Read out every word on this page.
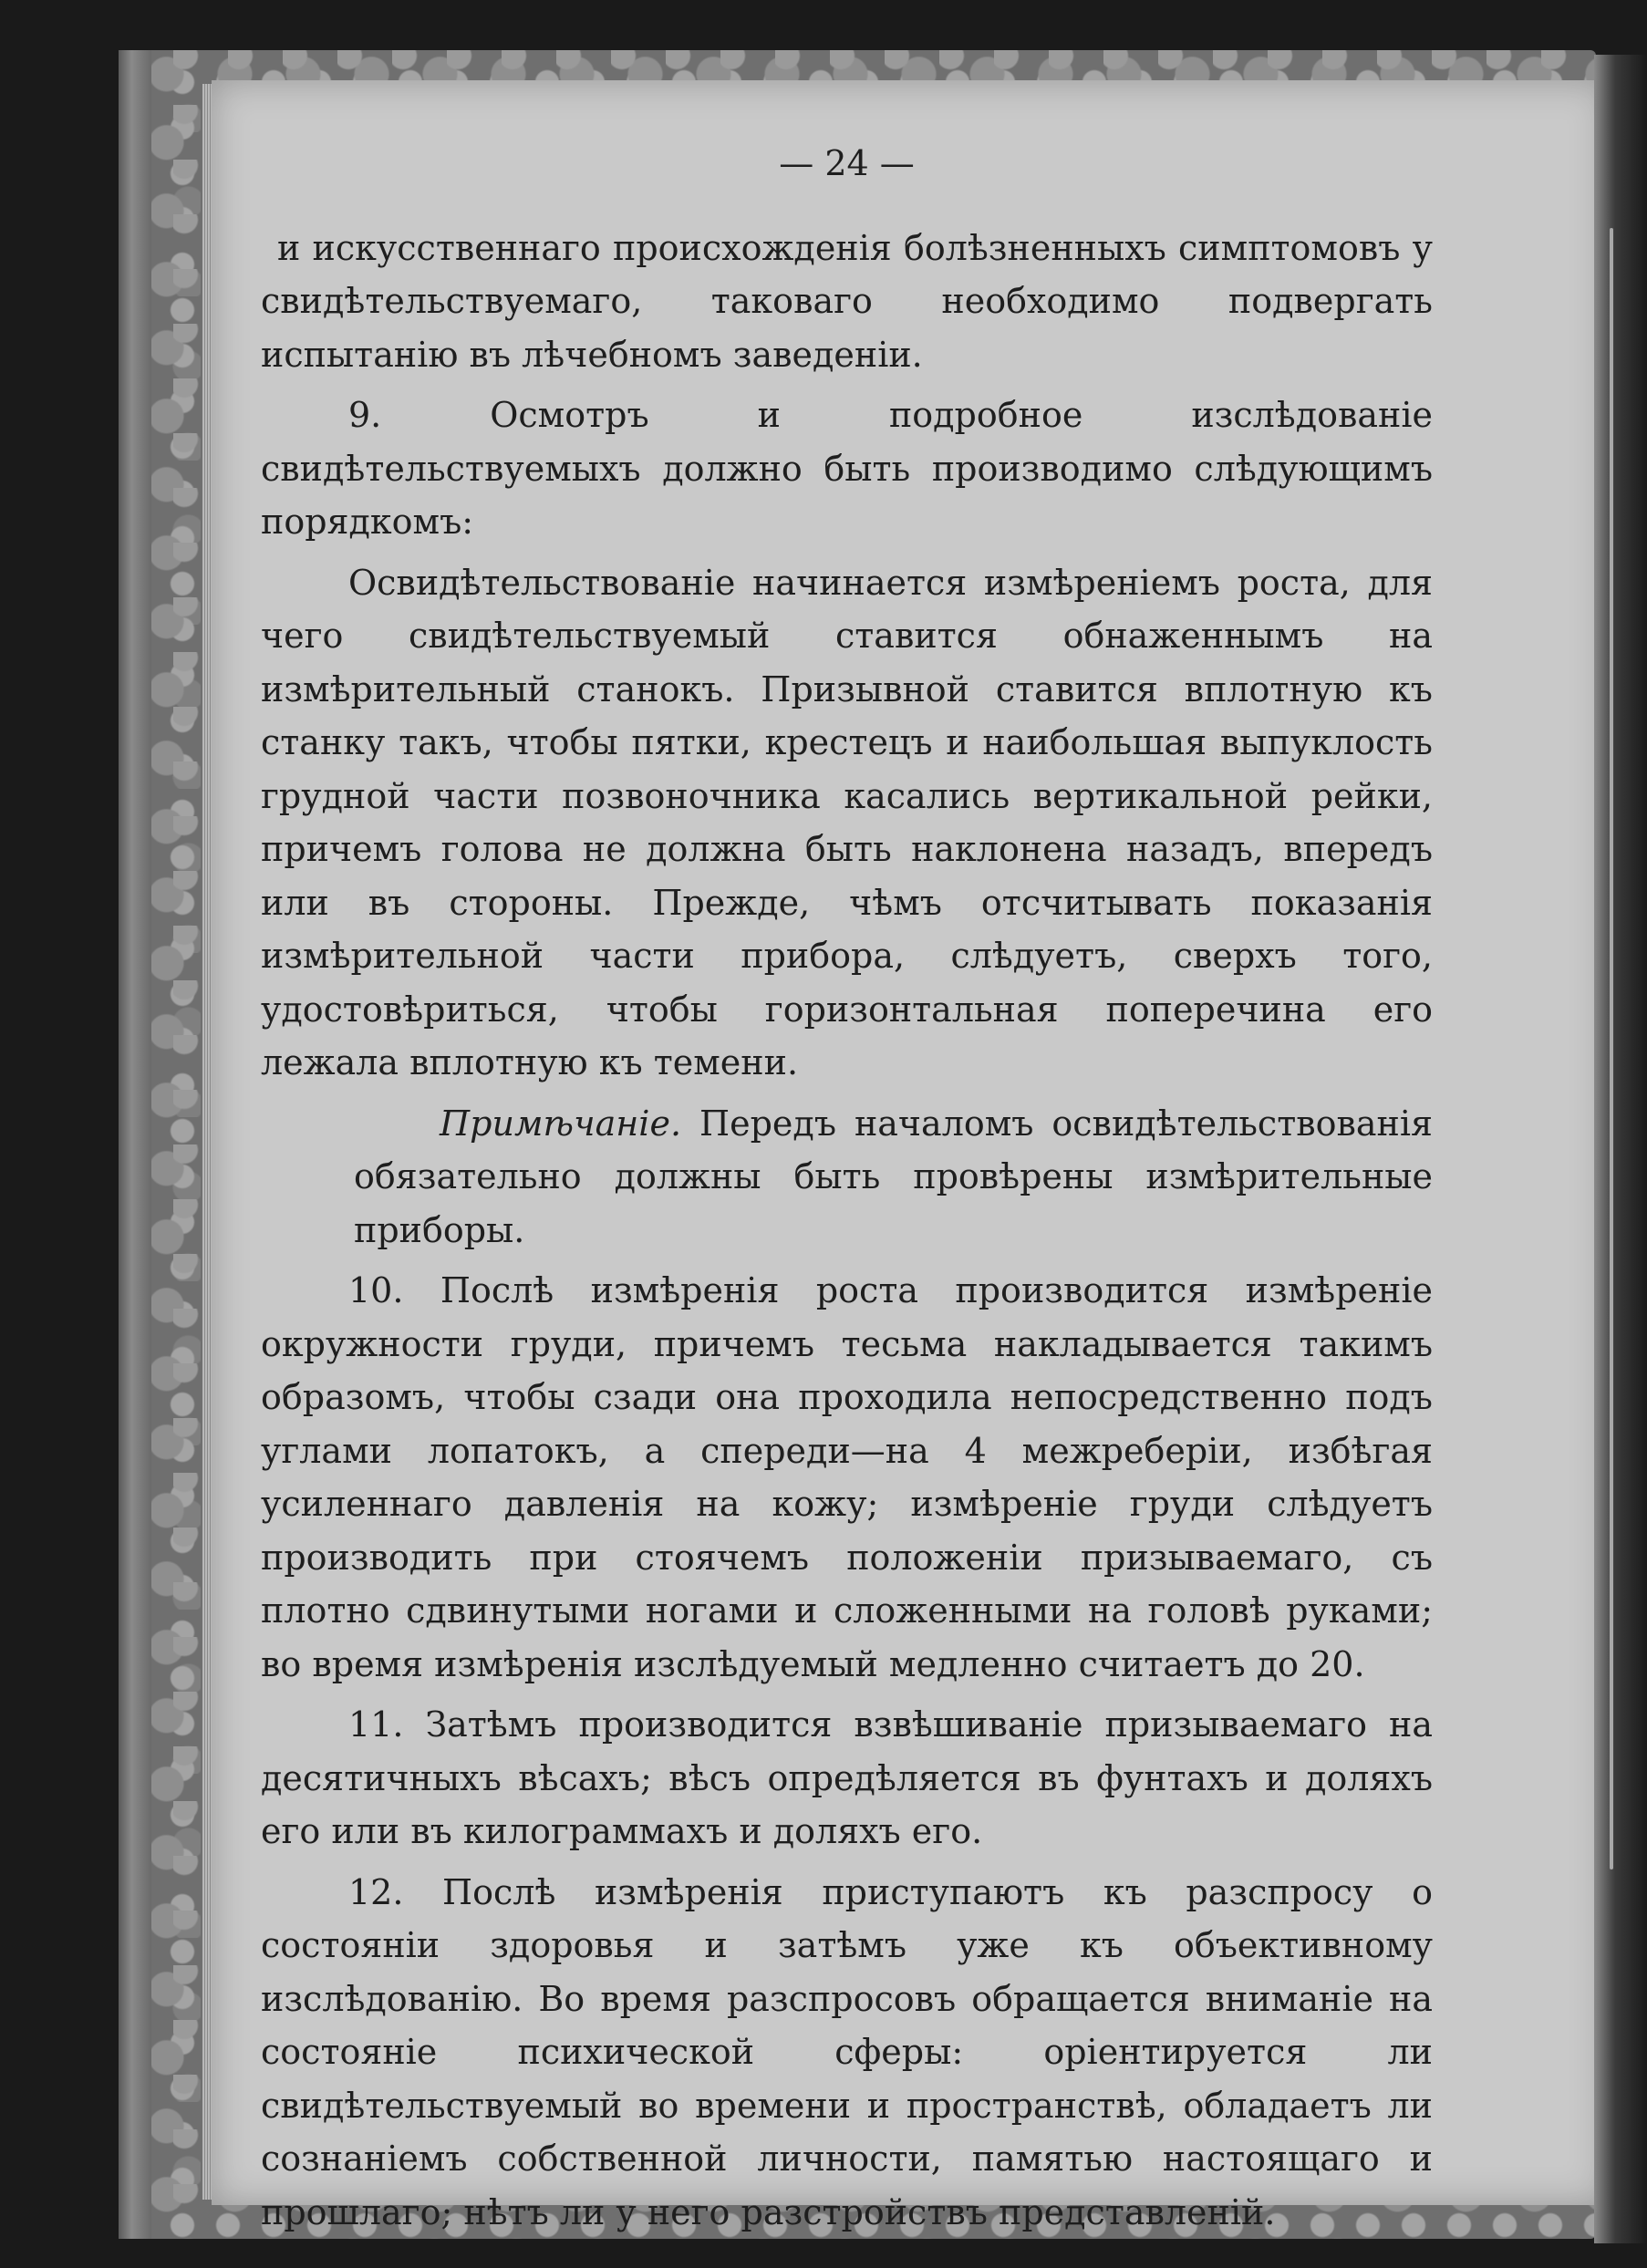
— 24 —

и искусственнаго происхожденія болѣзненныхъ симптомовъ у свидѣтельствуемаго, таковаго необходимо подвергать испытанію въ лѣчебномъ заведеніи.

9. Осмотръ и подробное изслѣдованіе свидѣтельствуемыхъ должно быть производимо слѣдующимъ порядкомъ:

Освидѣтельствованіе начинается измѣреніемъ роста, для чего свидѣтельствуемый ставится обнаженнымъ на измѣрительный станокъ. Призывной ставится вплотную къ станку такъ, чтобы пятки, крестецъ и наибольшая выпуклость грудной части позвоночника касались вертикальной рейки, причемъ голова не должна быть наклонена назадъ, впередъ или въ стороны. Прежде, чѣмъ отсчитывать показанія измѣрительной части прибора, слѣдуетъ, сверхъ того, удостовѣриться, чтобы горизонтальная поперечина его лежала вплотную къ темени.

Примѣчаніе. Передъ началомъ освидѣтельствованія обязательно должны быть провѣрены измѣрительные приборы.

10. Послѣ измѣренія роста производится измѣреніе окружности груди, причемъ тесьма накладывается такимъ образомъ, чтобы сзади она проходила непосредственно подъ углами лопатокъ, а спереди—на 4 межреберіи, избѣгая усиленнаго давленія на кожу; измѣреніе груди слѣдуетъ производить при стоячемъ положеніи призываемаго, съ плотно сдвинутыми ногами и сложенными на головѣ руками; во время измѣренія изслѣдуемый медленно считаетъ до 20.

11. Затѣмъ производится взвѣшиваніе призываемаго на десятичныхъ вѣсахъ; вѣсъ опредѣляется въ фунтахъ и доляхъ его или въ килограммахъ и доляхъ его.

12. Послѣ измѣренія приступаютъ къ разспросу о состояніи здоровья и затѣмъ уже къ объективному изслѣдованію. Во время разспросовъ обращается вниманіе на состояніе психической сферы: оріентируется ли свидѣтельствуемый во времени и пространствѣ, обладаетъ ли сознаніемъ собственной личности, памятью настоящаго и прошлаго; нѣтъ ли у него разстройствъ представленій.
